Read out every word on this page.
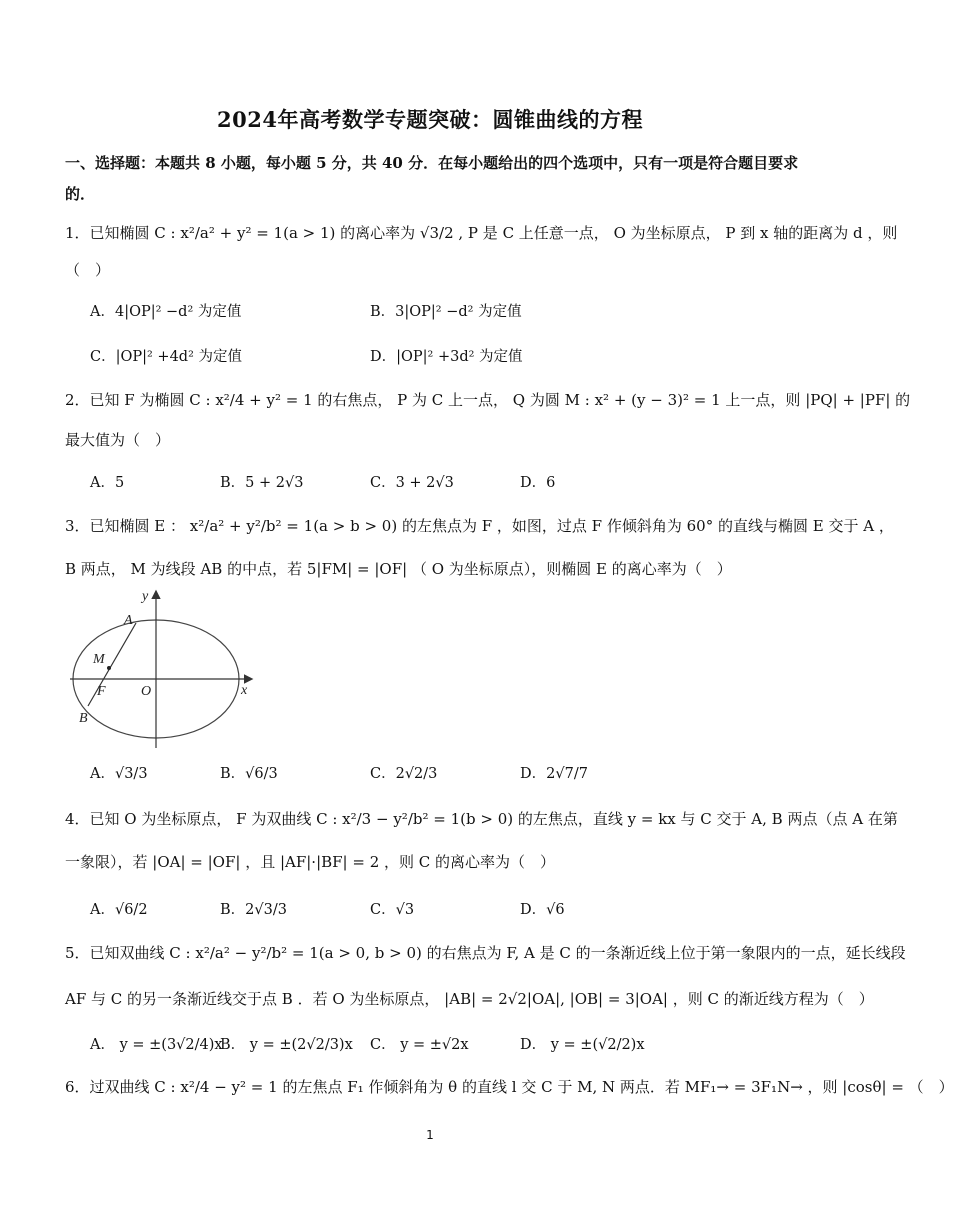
2024年高考数学专题突破：圆锥曲线的方程
一、选择题：本题共 8 小题，每小题 5 分，共 40 分．在每小题给出的四个选项中，只有一项是符合题目要求
的．
1．已知椭圆 C : x²/a² + y² = 1(a > 1) 的离心率为 √3/2 , P 是 C 上任意一点， O 为坐标原点， P 到 x 轴的距离为 d ，则
（　）
A．4|OP|² −d² 为定值	B．3|OP|² −d² 为定值
C．|OP|² +4d² 为定值	D．|OP|² +3d² 为定值
2．已知 F 为椭圆 C : x²/4 + y² = 1 的右焦点， P 为 C 上一点， Q 为圆 M : x² + (y − 3)² = 1 上一点，则 |PQ| + |PF| 的
最大值为（　）
A．5	B．5 + 2√3	C．3 + 2√3	D．6
3．已知椭圆 E ： x²/a² + y²/b² = 1(a > b > 0) 的左焦点为 F ，如图，过点 F 作倾斜角为 60° 的直线与椭圆 E 交于 A ，
B 两点， M 为线段 AB 的中点，若 5|FM| = |OF| （ O 为坐标原点），则椭圆 E 的离心率为（　）
y
A
M
F	O	x
B
A．√3/3	B．√6/3	C．2√2/3	D．2√7/7
4．已知 O 为坐标原点， F 为双曲线 C : x²/3 − y²/b² = 1(b > 0) 的左焦点，直线 y = kx 与 C 交于 A, B 两点（点 A 在第
一象限），若 |OA| = |OF| ，且 |AF|·|BF| = 2 ，则 C 的离心率为（　）
A．√6/2	B．2√3/3	C．√3	D．√6
5．已知双曲线 C : x²/a² − y²/b² = 1(a > 0, b > 0) 的右焦点为 F, A 是 C 的一条渐近线上位于第一象限内的一点，延长线段
AF 与 C 的另一条渐近线交于点 B ．若 O 为坐标原点， |AB| = 2√2|OA|, |OB| = 3|OA| ，则 C 的渐近线方程为（　）
A． y = ±(3√2/4)x
B． y = ±(2√2/3)x C． y = ±√2x	D． y = ±(√2/2)x
6．过双曲线 C : x²/4 − y² = 1 的左焦点 F₁ 作倾斜角为 θ 的直线 l 交 C 于 M, N 两点．若 MF₁→ = 3F₁N→ ，则 |cosθ| = （　）
1
